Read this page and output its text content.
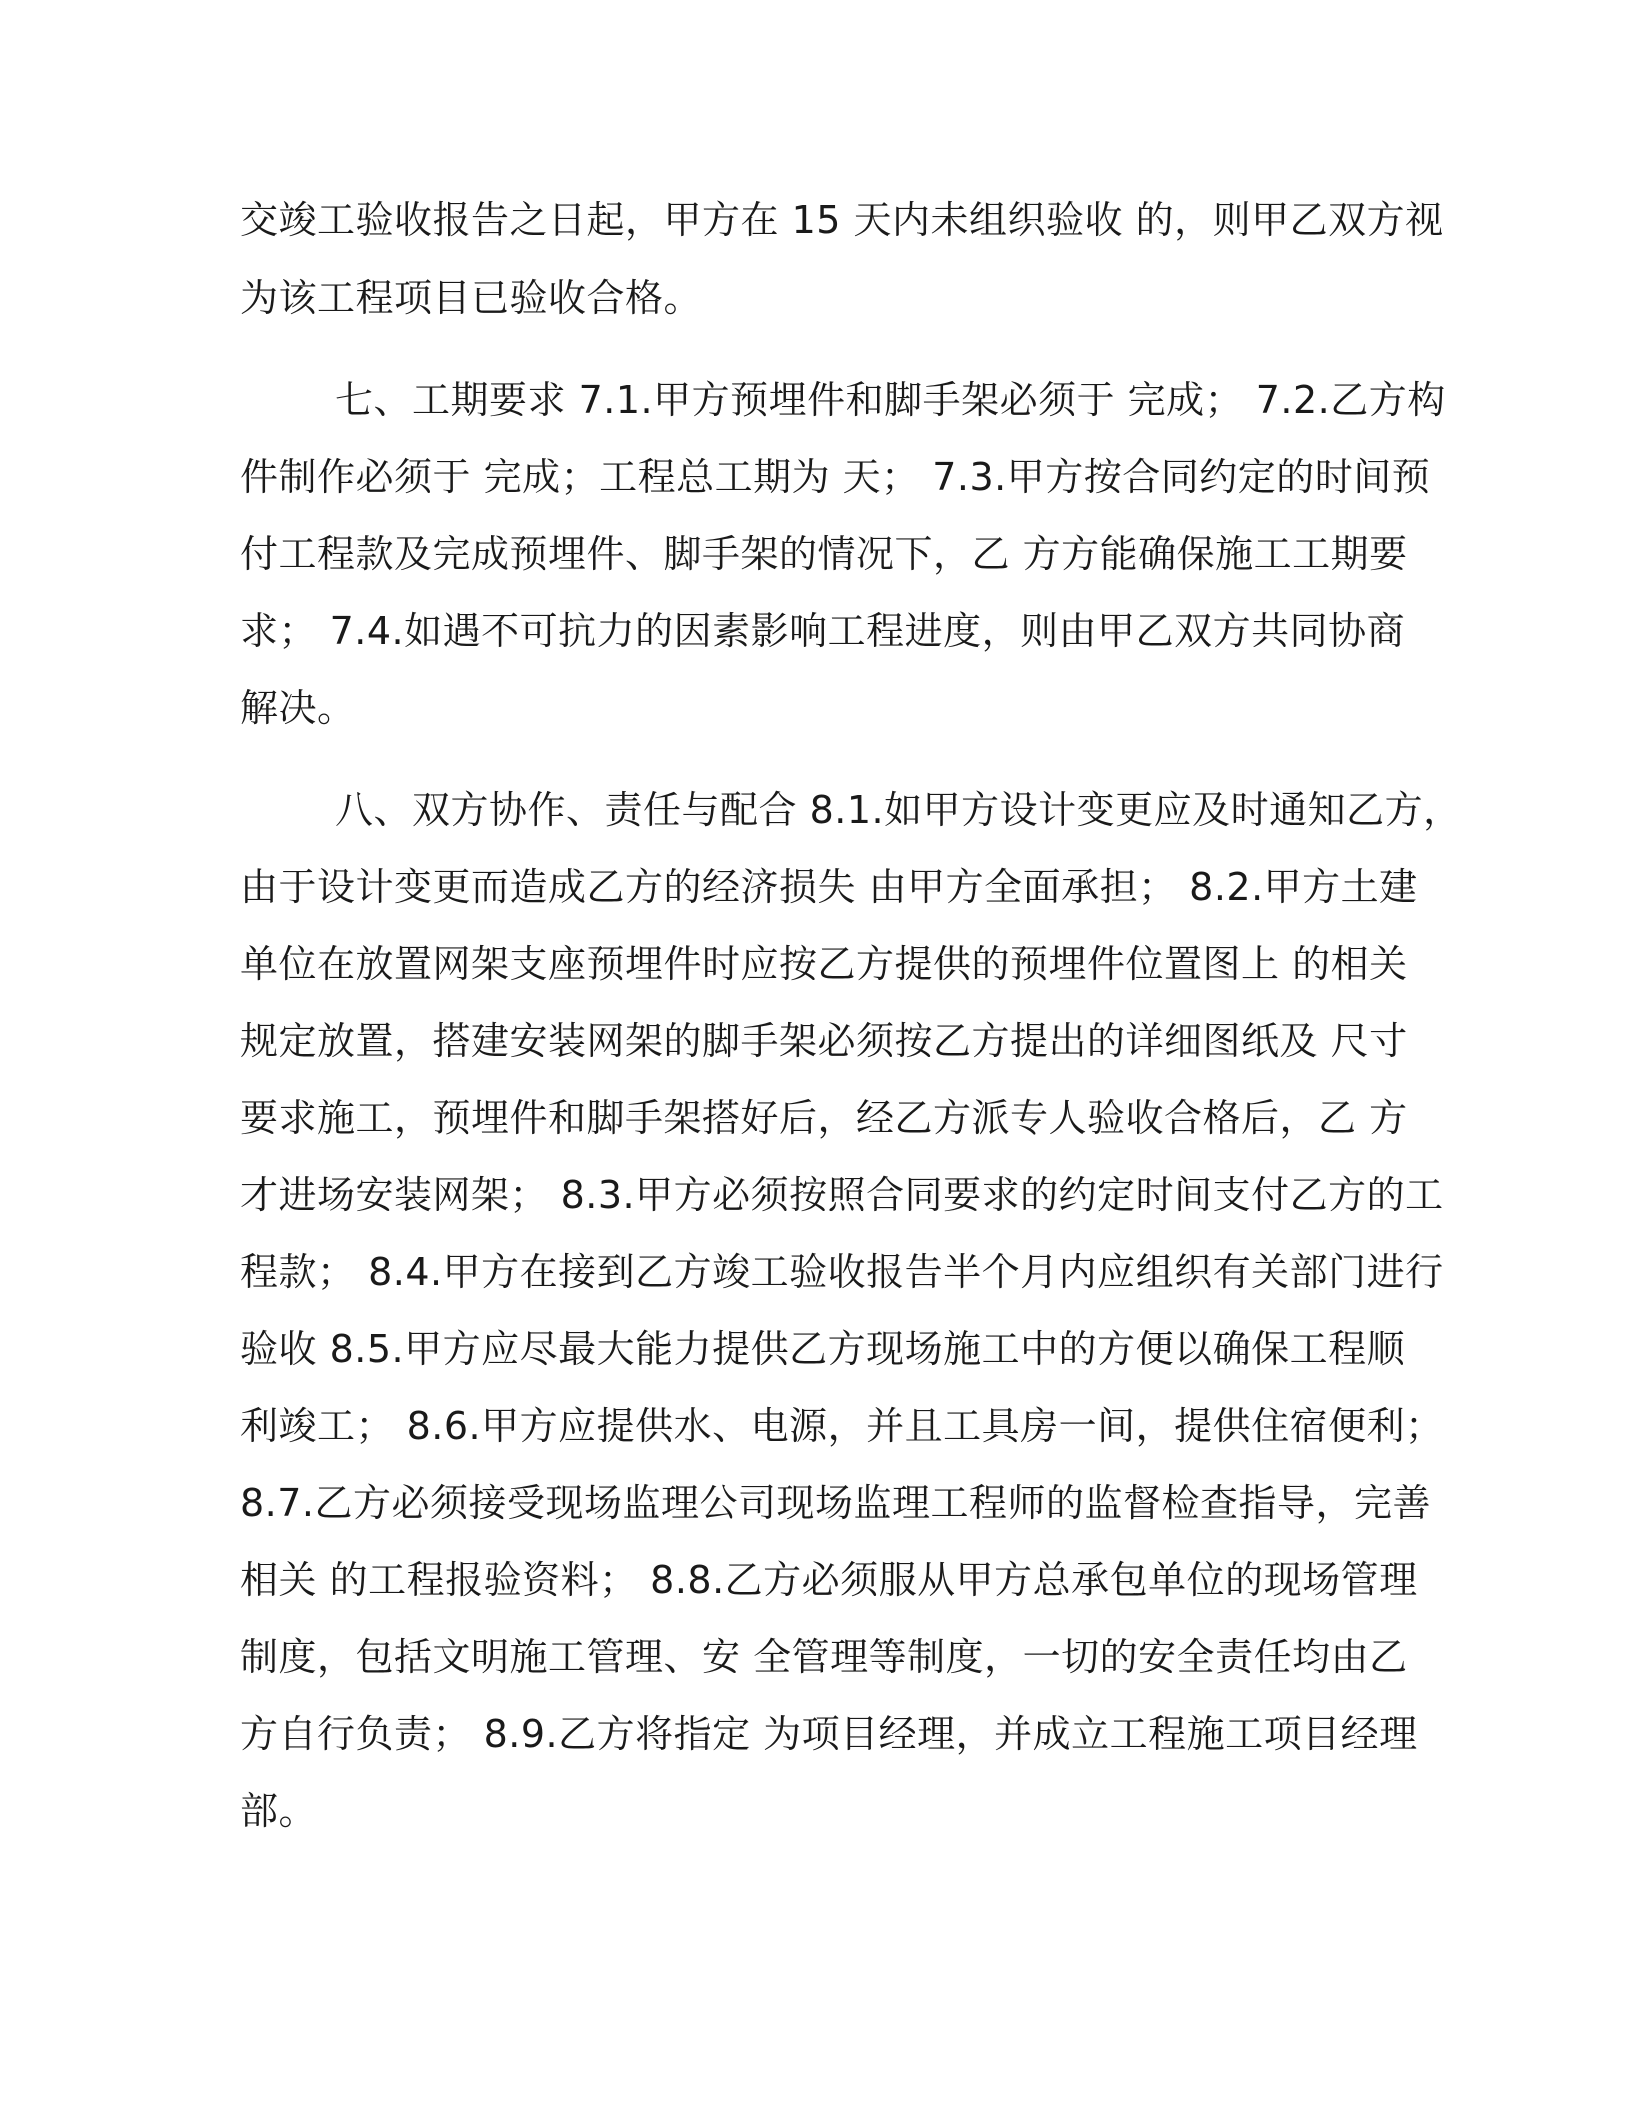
交竣工验收报告之日起，甲方在 15 天内未组织验收 的，则甲乙双方视
为该工程项目已验收合格。
七、工期要求 7.1.甲方预埋件和脚手架必须于 完成； 7.2.乙方构
件制作必须于 完成；工程总工期为 天； 7.3.甲方按合同约定的时间预
付工程款及完成预埋件、脚手架的情况下，乙 方方能确保施工工期要
求； 7.4.如遇不可抗力的因素影响工程进度，则由甲乙双方共同协商
解决。
八、双方协作、责任与配合 8.1.如甲方设计变更应及时通知乙方，
由于设计变更而造成乙方的经济损失 由甲方全面承担； 8.2.甲方土建
单位在放置网架支座预埋件时应按乙方提供的预埋件位置图上 的相关
规定放置，搭建安装网架的脚手架必须按乙方提出的详细图纸及 尺寸
要求施工，预埋件和脚手架搭好后，经乙方派专人验收合格后，乙 方
才进场安装网架； 8.3.甲方必须按照合同要求的约定时间支付乙方的工
程款； 8.4.甲方在接到乙方竣工验收报告半个月内应组织有关部门进行
验收 8.5.甲方应尽最大能力提供乙方现场施工中的方便以确保工程顺
利竣工； 8.6.甲方应提供水、电源，并且工具房一间，提供住宿便利；
8.7.乙方必须接受现场监理公司现场监理工程师的监督检查指导，完善
相关 的工程报验资料； 8.8.乙方必须服从甲方总承包单位的现场管理
制度，包括文明施工管理、安 全管理等制度，一切的安全责任均由乙
方自行负责； 8.9.乙方将指定 为项目经理，并成立工程施工项目经理
部。
